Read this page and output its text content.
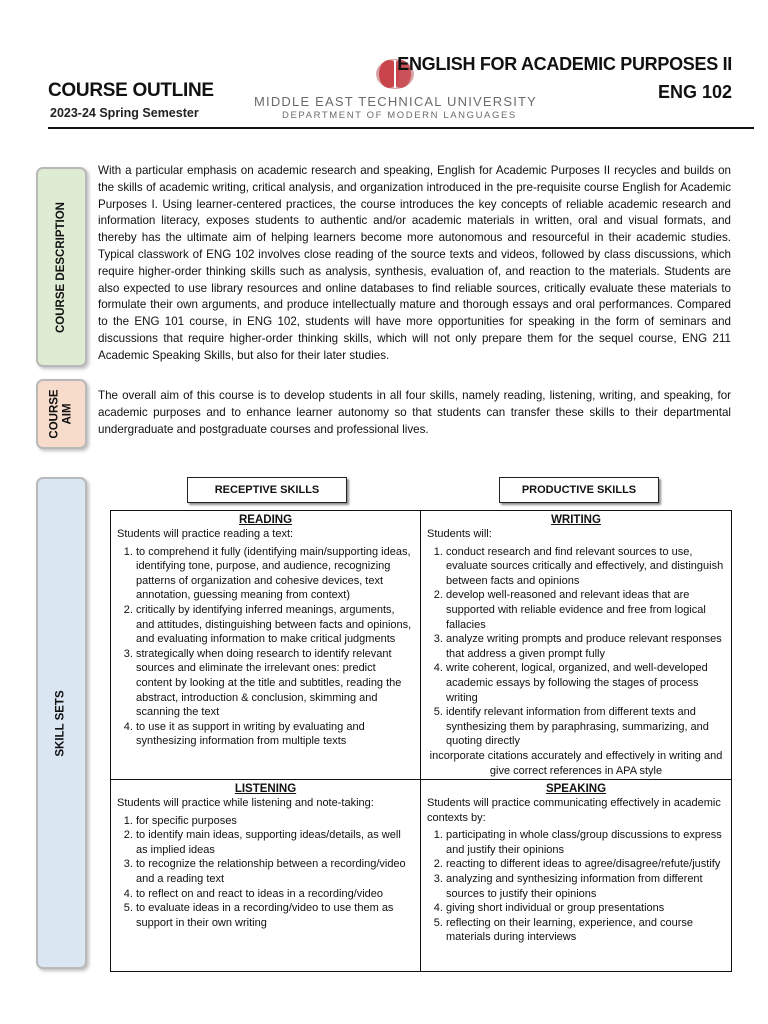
COURSE OUTLINE
2023-24 Spring Semester
MIDDLE EAST TECHNICAL UNIVERSITY
DEPARTMENT OF MODERN LANGUAGES
ENGLISH FOR ACADEMIC PURPOSES II
ENG 102
COURSE DESCRIPTION
COURSE AIM
SKILL SETS
With a particular emphasis on academic research and speaking, English for Academic Purposes II recycles and builds on the skills of academic writing, critical analysis, and organization introduced in the pre-requisite course English for Academic Purposes I. Using learner-centered practices, the course introduces the key concepts of reliable academic research and information literacy, exposes students to authentic and/or academic materials in written, oral and visual formats, and thereby has the ultimate aim of helping learners become more autonomous and resourceful in their academic studies. Typical classwork of ENG 102 involves close reading of the source texts and videos, followed by class discussions, which require higher-order thinking skills such as analysis, synthesis, evaluation of, and reaction to the materials. Students are also expected to use library resources and online databases to find reliable sources, critically evaluate these materials to formulate their own arguments, and produce intellectually mature and thorough essays and oral performances. Compared to the ENG 101 course, in ENG 102, students will have more opportunities for speaking in the form of seminars and discussions that require higher-order thinking skills, which will not only prepare them for the sequel course, ENG 211 Academic Speaking Skills, but also for their later studies.
The overall aim of this course is to develop students in all four skills, namely reading, listening, writing, and speaking, for academic purposes and to enhance learner autonomy so that students can transfer these skills to their departmental undergraduate and postgraduate courses and professional lives.
RECEPTIVE SKILLS	PRODUCTIVE SKILLS
READING

Students will practice reading a text:

1. to comprehend it fully (identifying main/supporting ideas, identifying tone, purpose, and audience, recognizing patterns of organization and cohesive devices, text annotation, guessing meaning from context)
2. critically by identifying inferred meanings, arguments, and attitudes, distinguishing between facts and opinions, and evaluating information to make critical judgments
3. strategically when doing research to identify relevant sources and eliminate the irrelevant ones: predict content by looking at the title and subtitles, reading the abstract, introduction & conclusion, skimming and scanning the text
4. to use it as support in writing by evaluating and synthesizing information from multiple texts
WRITING

Students will:

1. conduct research and find relevant sources to use, evaluate sources critically and effectively, and distinguish between facts and opinions
2. develop well-reasoned and relevant ideas that are supported with reliable evidence and free from logical fallacies
3. analyze writing prompts and produce relevant responses that address a given prompt fully
4. write coherent, logical, organized, and well-developed academic essays by following the stages of process writing
5. identify relevant information from different texts and synthesizing them by paraphrasing, summarizing, and quoting directly

incorporate citations accurately and effectively in writing and give correct references in APA style

LISTENING

Students will practice while listening and note-taking:

1. for specific purposes
2. to identify main ideas, supporting ideas/details, as well as implied ideas
3. to recognize the relationship between a recording/video and a reading text
4. to reflect on and react to ideas in a recording/video
5. to evaluate ideas in a recording/video to use them as support in their own writing
SPEAKING

Students will practice communicating effectively in academic contexts by:

1. participating in whole class/group discussions to express and justify their opinions
2. reacting to different ideas to agree/disagree/refute/justify
3. analyzing and synthesizing information from different sources to justify their opinions
4. giving short individual or group presentations
5. reflecting on their learning, experience, and course materials during interviews
